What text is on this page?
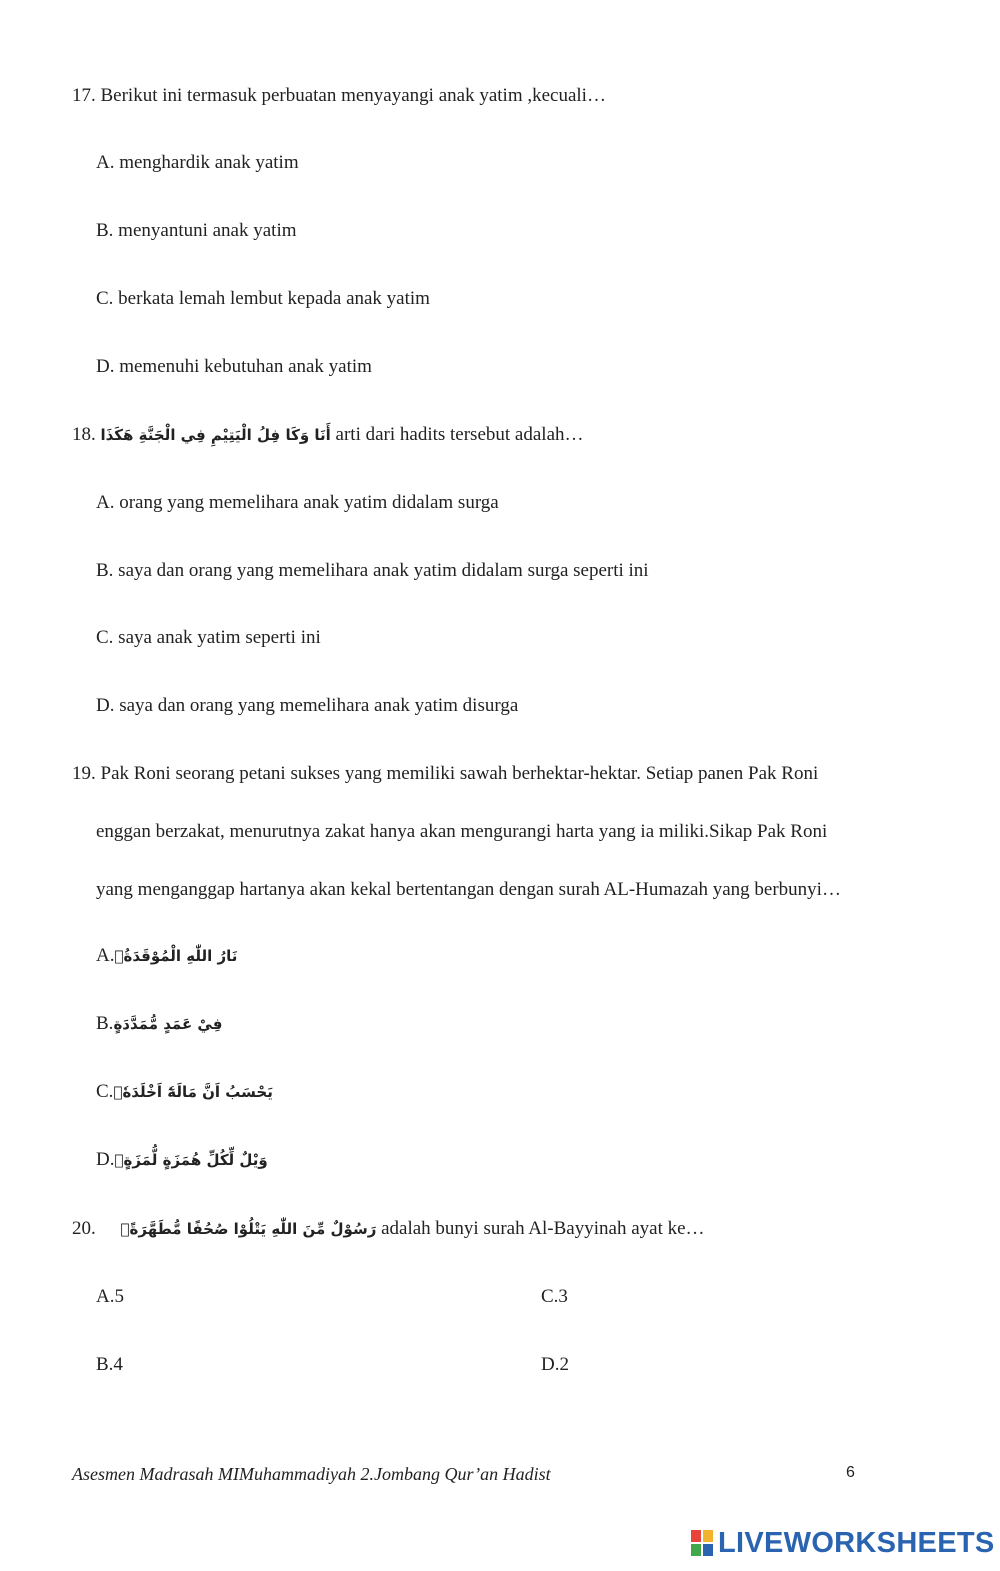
17. Berikut ini termasuk perbuatan menyayangi anak yatim ,kecuali…
A. menghardik anak yatim
B. menyantuni anak yatim
C. berkata lemah lembut kepada anak yatim
D. memenuhi kebutuhan anak yatim
18. أَنَا وَكَا فِلُ الْيَتِيْمِ فِي الْجَنَّةِ هَكَذَا arti dari hadits tersebut adalah…
A. orang yang memelihara anak yatim didalam surga
B. saya dan orang yang memelihara anak yatim didalam surga seperti ini
C. saya anak yatim seperti ini
D. saya dan orang yang memelihara anak yatim disurga
19. Pak Roni seorang petani sukses yang memiliki sawah berhektar-hektar. Setiap panen Pak Roni
enggan berzakat, menurutnya zakat hanya akan mengurangi harta yang ia miliki.Sikap Pak Roni
yang menganggap hartanya akan kekal bertentangan dengan surah AL-Humazah yang berbunyi…
A.نَارُ اللّٰهِ الْمُوْقَدَةُۙ
B.فِيْ عَمَدٍ مُّمَدَّدَةٍ
C.يَحْسَبُ اَنَّ مَالَهٗٓ اَخْلَدَهٗۚ
D.وَيْلٌ لِّكُلِّ هُمَزَةٍ لُّمَزَةٍۙ
20. رَسُوْلٌ مِّنَ اللّٰهِ يَتْلُوْا صُحُفًا مُّطَهَّرَةًۙ adalah bunyi surah Al-Bayyinah ayat ke…
A.5	C.3
B.4	D.2
Asesmen Madrasah MIMuhammadiyah 2.Jombang Qur’an Hadist	6
LIVEWORKSHEETS
